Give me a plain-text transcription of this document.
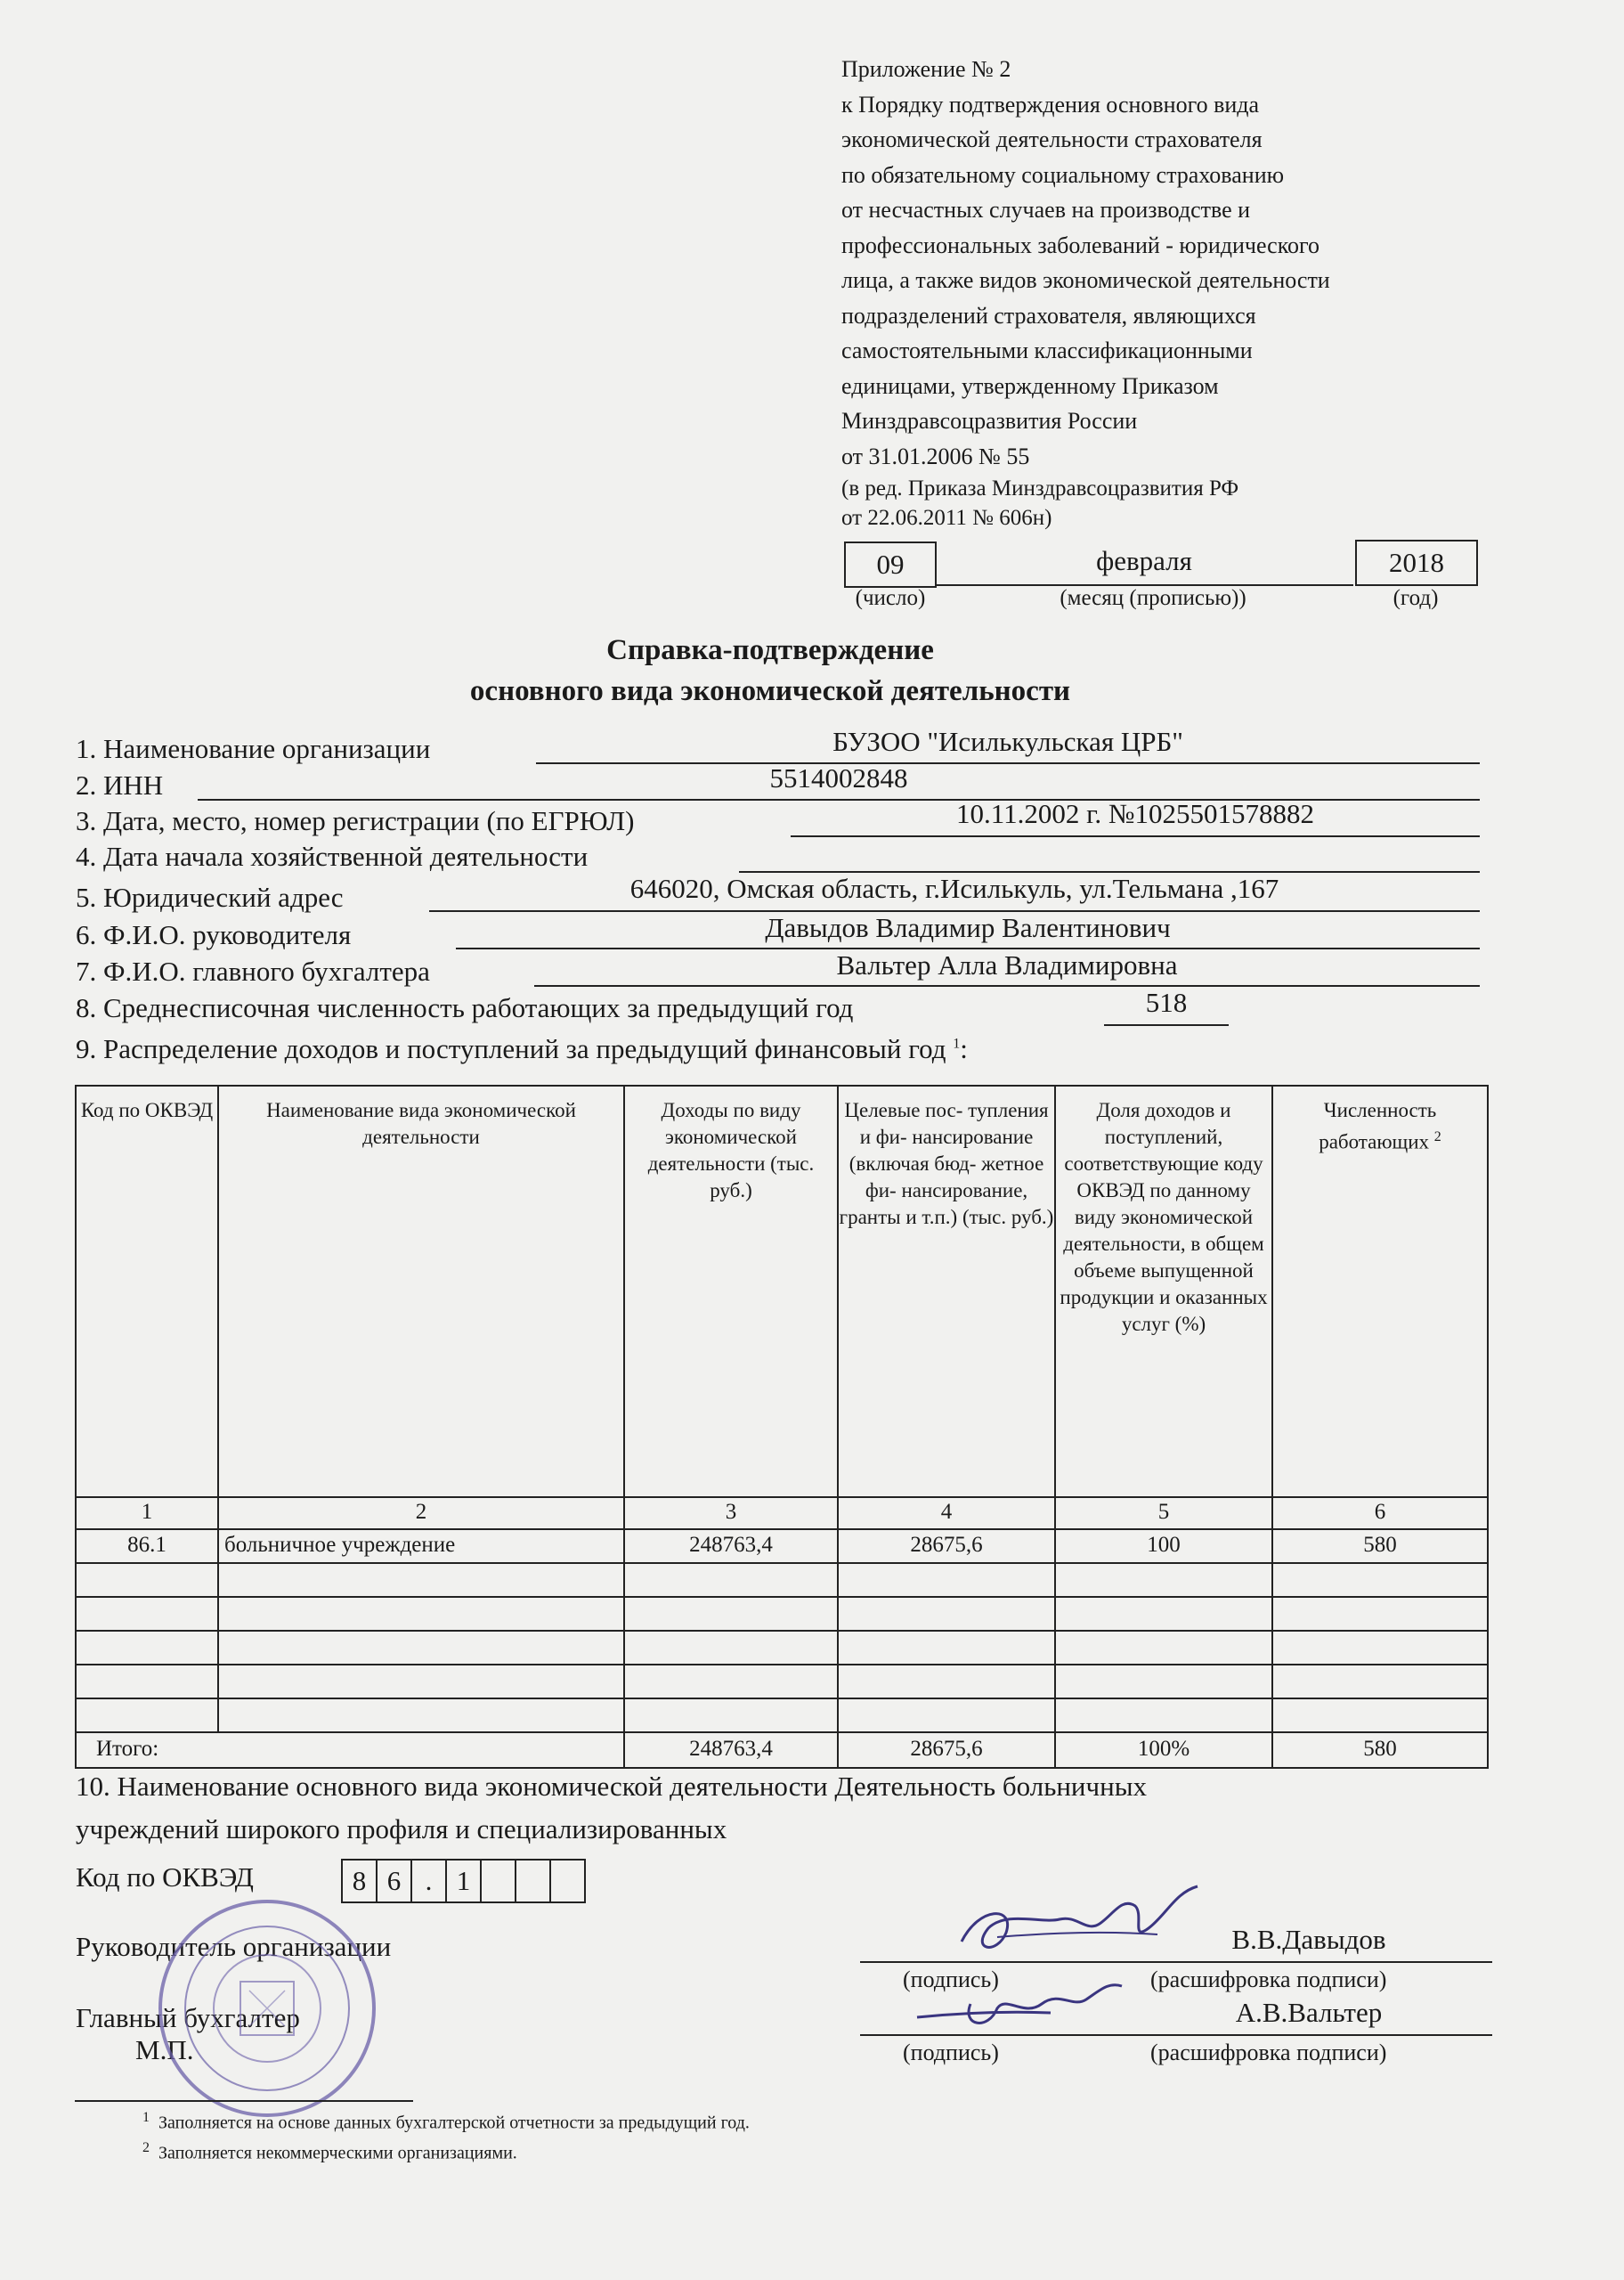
Приложение № 2
к Порядку подтверждения основного вида
экономической деятельности страхователя
по обязательному социальному страхованию
от несчастных случаев на производстве и
профессиональных заболеваний - юридического
лица, а также видов экономической деятельности
подразделений страхователя, являющихся
самостоятельными классификационными
единицами, утвержденному Приказом
Минздравсоцразвития России
от 31.01.2006 № 55
(в ред. Приказа Минздравсоцразвития РФ
от 22.06.2011 № 606н)
09	февраля	2018
(число)	(месяц (прописью))	(год)
Справка-подтверждение
основного вида экономической деятельности
1. Наименование организации	БУЗОО "Исилькульская ЦРБ"
2. ИНН	5514002848
3. Дата, место, номер регистрации (по ЕГРЮЛ)	10.11.2002 г. №1025501578882
4. Дата начала хозяйственной деятельности
5. Юридический адрес	646020, Омская область, г.Исилькуль, ул.Тельмана ,167
6. Ф.И.О. руководителя	Давыдов Владимир Валентинович
7. Ф.И.О. главного бухгалтера	Вальтер Алла Владимировна
8. Среднесписочная численность работающих за предыдущий год	518
9. Распределение доходов и поступлений за предыдущий финансовый год $^1$:
Код по ОКВЭД	Наименование вида экономической деятельности	Доходы по виду экономической деятельности (тыс. руб.)	Целевые пос- тупления и фи- нансирование (включая бюд- жетное фи- нансирование, гранты и т.п.) (тыс. руб.)	Доля доходов и поступлений, соответствующие коду ОКВЭД по данному виду экономической деятельности, в общем объеме выпущенной продукции и оказанных услуг (%)	Численность работающих $^2$
1	2	3	4	5	6
86.1	больничное учреждение	248763,4	28675,6	100	580

Итого:		248763,4	28675,6	100%	580
10. Наименование основного вида экономической деятельности Деятельность больничных
учреждений широкого профиля и специализированных
Код по ОКВЭД	8 6 . 1
Руководитель организации	В.В.Давыдов
(подпись)	(расшифровка подписи)
Главный бухгалтер
М.П.
А.В.Вальтер
(подпись)	(расшифровка подписи)
$^1$ Заполняется на основе данных бухгалтерской отчетности за предыдущий год.
$^2$ Заполняется некоммерческими организациями.
